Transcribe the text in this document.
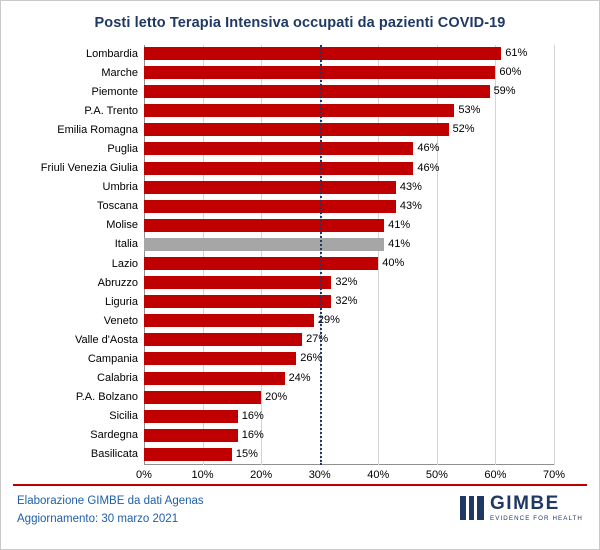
Posti letto Terapia Intensiva occupati da pazienti COVID-19
Lombardia	61%
Marche	60%
Piemonte	59%
P.A. Trento	53%
Emilia Romagna	52%
Puglia	46%
Friuli Venezia Giulia	46%
Umbria	43%
Toscana	43%
Molise	41%
Italia	41%
Lazio	40%
Abruzzo	32%
Liguria	32%
Veneto	29%
Valle d'Aosta	27%
Campania	26%
Calabria	24%
P.A. Bolzano	20%
Sicilia	16%
Sardegna	16%
Basilicata	15%
0%	10%	20%	30%	40%	50%	60%	70%
Elaborazione GIMBE da dati Agenas
Aggiornamento: 30 marzo 2021
GIMBE
EVIDENCE FOR HEALTH
